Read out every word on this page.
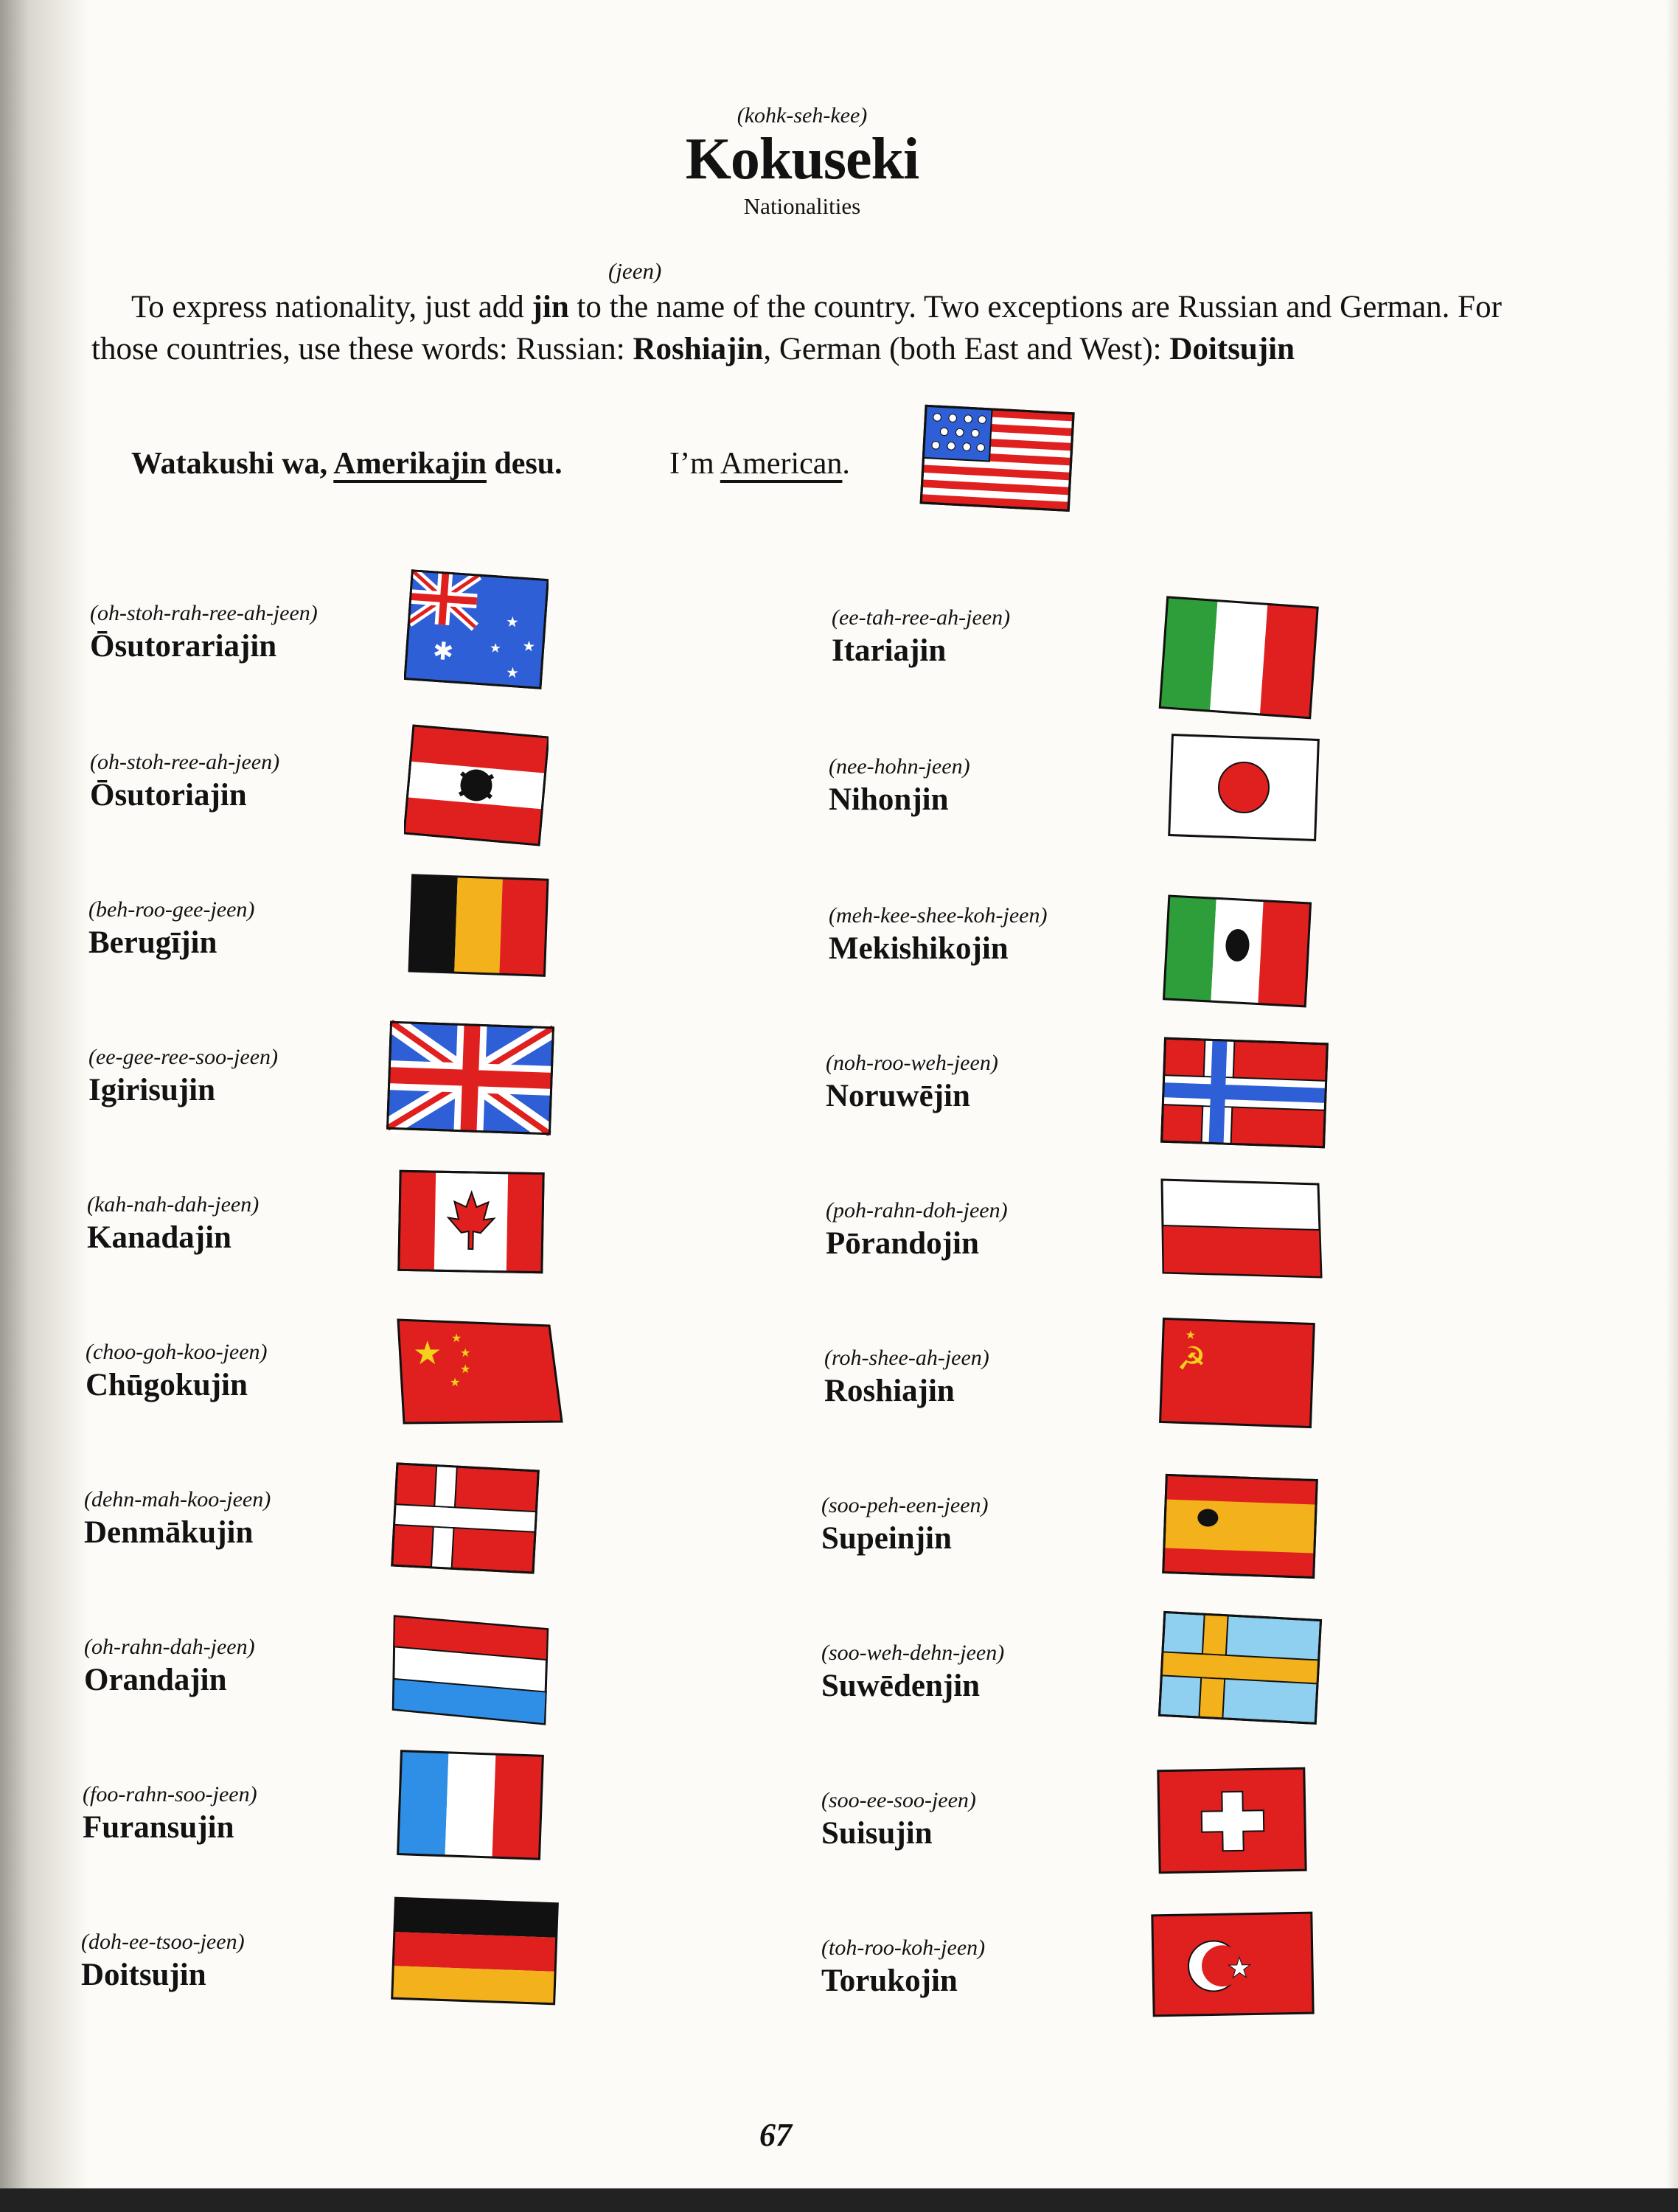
(kohk-seh-kee)
Kokuseki
Nationalities
(jeen)

To express nationality, just add jin to the name of the country. Two exceptions are Russian and German. For those countries, use these words: Russian: Roshiajin, German (both East and West): Doitsujin

Watakushi wa, Amerikajin desu.	I’m American.
(oh-stoh-rah-ree-ah-jeen)
Ōsutorariajin
(oh-stoh-ree-ah-jeen)
Ōsutoriajin
(beh-roo-gee-jeen)
Berugījin
(ee-gee-ree-soo-jeen)
Igirisujin
(kah-nah-dah-jeen)
Kanadajin
(choo-goh-koo-jeen)
Chūgokujin
(dehn-mah-koo-jeen)
Denmākujin
(oh-rahn-dah-jeen)
Orandajin
(foo-rahn-soo-jeen)
Furansujin
(doh-ee-tsoo-jeen)
Doitsujin
(ee-tah-ree-ah-jeen)
Itariajin
(nee-hohn-jeen)
Nihonjin
(meh-kee-shee-koh-jeen)
Mekishikojin
(noh-roo-weh-jeen)
Noruwējin
(poh-rahn-doh-jeen)
Pōrandojin
(roh-shee-ah-jeen)
Roshiajin
(soo-peh-een-jeen)
Supeinjin
(soo-weh-dehn-jeen)
Suwēdenjin
(soo-ee-soo-jeen)
Suisujin
(toh-roo-koh-jeen)
Torukojin
✱
★
★
★
★
★ ★
★
★
★
☭
★
★
67
